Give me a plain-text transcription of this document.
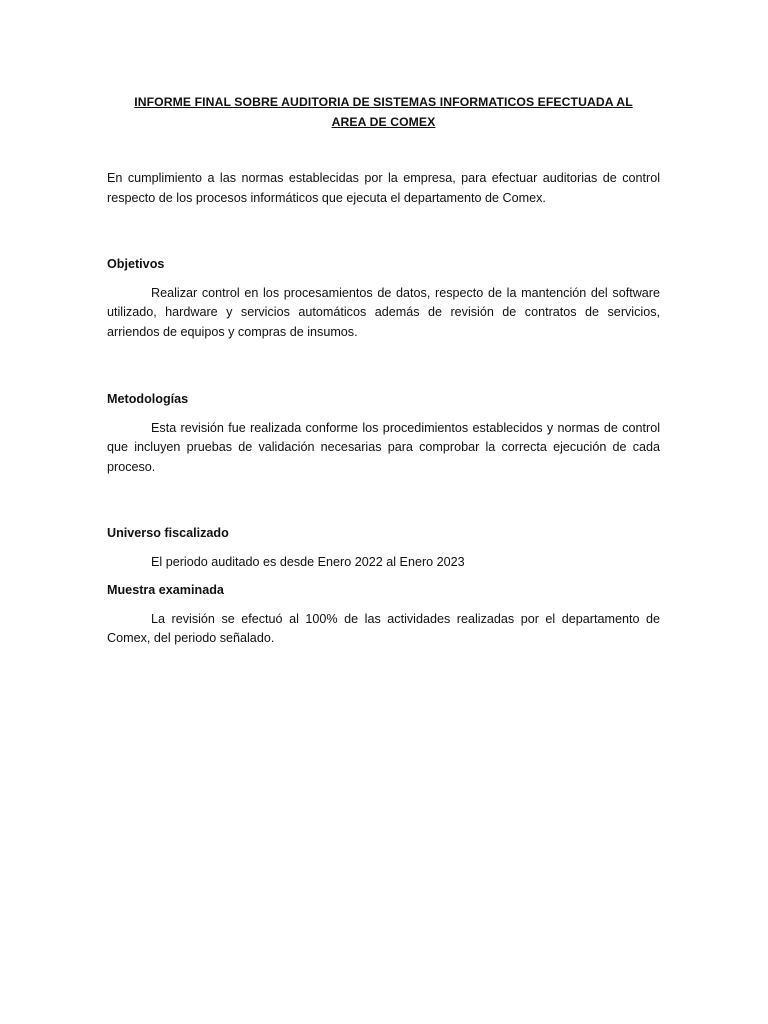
INFORME FINAL SOBRE AUDITORIA DE SISTEMAS INFORMATICOS EFECTUADA AL AREA DE COMEX

En cumplimiento a las normas establecidas por la empresa, para efectuar auditorias de control respecto de los procesos informáticos que ejecuta el departamento de Comex.

Objetivos

Realizar control en los procesamientos de datos, respecto de la mantención del software utilizado, hardware y servicios automáticos además de revisión de contratos de servicios, arriendos de equipos y compras de insumos.

Metodologías

Esta revisión fue realizada conforme los procedimientos establecidos y normas de control que incluyen pruebas de validación necesarias para comprobar la correcta ejecución de cada proceso.

Universo fiscalizado

El periodo auditado es desde Enero 2022 al Enero 2023

Muestra examinada

La revisión se efectuó al 100% de las actividades realizadas por el departamento de Comex, del periodo señalado.
